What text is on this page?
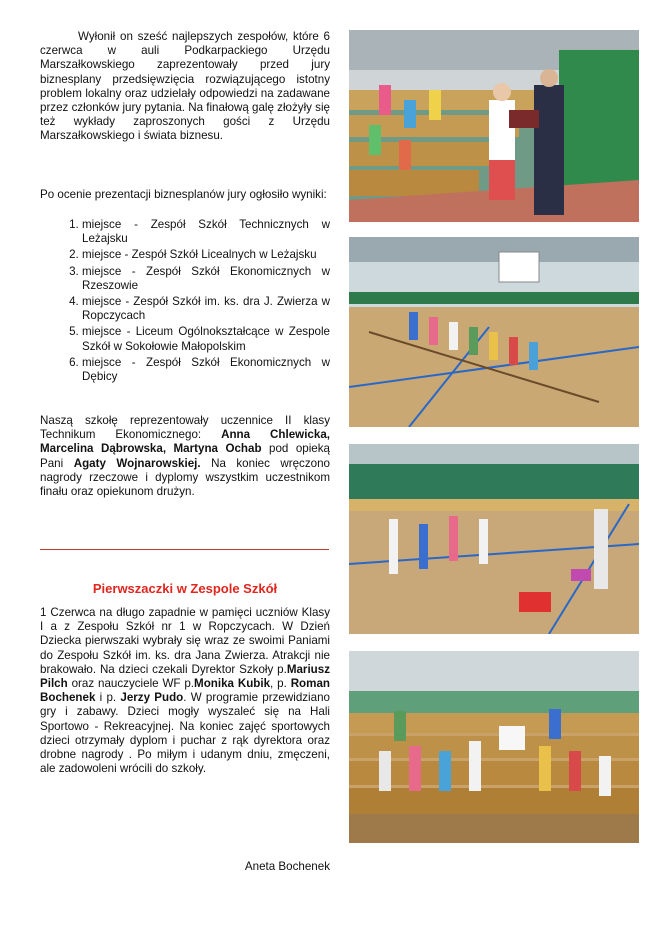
Wyłonił on sześć najlepszych zespołów, które 6 czerwca w auli Podkarpackiego Urzędu Marszałkowskiego zaprezentowały przed jury biznesplany przedsięwzięcia rozwiązującego istotny problem lokalny oraz udzielały odpowiedzi na zadawane przez członków jury pytania. Na finałową galę złożyły się też wykłady zaproszonych gości z Urzędu Marszałkowskiego i świata biznesu.
Po ocenie prezentacji biznesplanów jury ogłosiło wyniki:
1. miejsce - Zespół Szkół Technicznych w Leżajsku
2. miejsce - Zespół Szkół Licealnych w Leżajsku
3. miejsce - Zespół Szkół Ekonomicznych w Rzeszowie
4. miejsce - Zespół Szkół im. ks. dra J. Zwierza w Ropczycach
5. miejsce - Liceum Ogólnokształcące w Zespole Szkół w Sokołowie Małopolskim
6. miejsce - Zespół Szkół Ekonomicznych w Dębicy
Naszą szkołę reprezentowały uczennice II klasy Technikum Ekonomicznego: Anna Chlewicka, Marcelina Dąbrowska, Martyna Ochab pod opieką Pani Agaty Wojnarowskiej. Na koniec wręczono nagrody rzeczowe i dyplomy wszystkim uczestnikom finału oraz opiekunom drużyn.
Pierwszaczki w Zespole Szkół
1 Czerwca na długo zapadnie w pamięci uczniów Klasy I a z Zespołu Szkół nr 1 w Ropczycach. W Dzień Dziecka pierwszaki wybrały się wraz ze swoimi Paniami do Zespołu Szkół im. ks. dra Jana Zwierza. Atrakcji nie brakowało. Na dzieci czekali Dyrektor Szkoły p.Mariusz Pilch oraz nauczyciele WF p.Monika Kubik, p. Roman Bochenek i p. Jerzy Pudo. W programie przewidziano gry i zabawy. Dzieci mogły wyszaleć się na Hali Sportowo - Rekreacyjnej. Na koniec zajęć sportowych dzieci otrzymały dyplom i puchar z rąk dyrektora oraz drobne nagrody . Po miłym i udanym dniu, zmęczeni, ale zadowoleni wrócili do szkoły.
Aneta Bochenek
